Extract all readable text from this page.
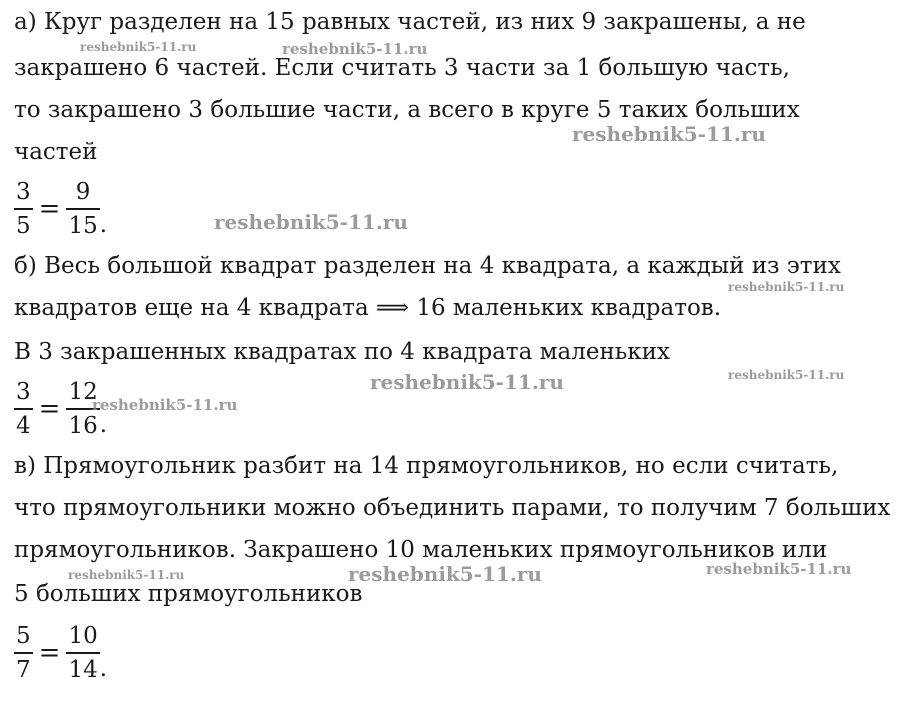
а) Круг разделен на 15 равных частей, из них 9 закрашены, а не
закрашено 6 частей. Если считать 3 части за 1 большую часть,
то закрашено 3 большие части, а всего в круге 5 таких больших
частей
3
5
=
9
15 .
б) Весь большой квадрат разделен на 4 квадрата, а каждый из этих
квадратов еще на 4 квадрата ⟹ 16 маленьких квадратов.
В 3 закрашенных квадратах по 4 квадрата маленьких
3
4
=
12
16 .
в) Прямоугольник разбит на 14 прямоугольников, но если считать,
что прямоугольники можно объединить парами, то получим 7 больших
прямоугольников. Закрашено 10 маленьких прямоугольников или
5 больших прямоугольников
5
7
=
10
14 .
reshebnik5-11.ru	reshebnik5-11.ru
reshebnik5-11.ru
reshebnik5-11.ru
reshebnik5-11.ru
reshebnik5-11.ru	reshebnik5-11.ru
reshebnik5-11.ru
reshebnik5-11.ru	reshebnik5-11.ru	reshebnik5-11.ru
